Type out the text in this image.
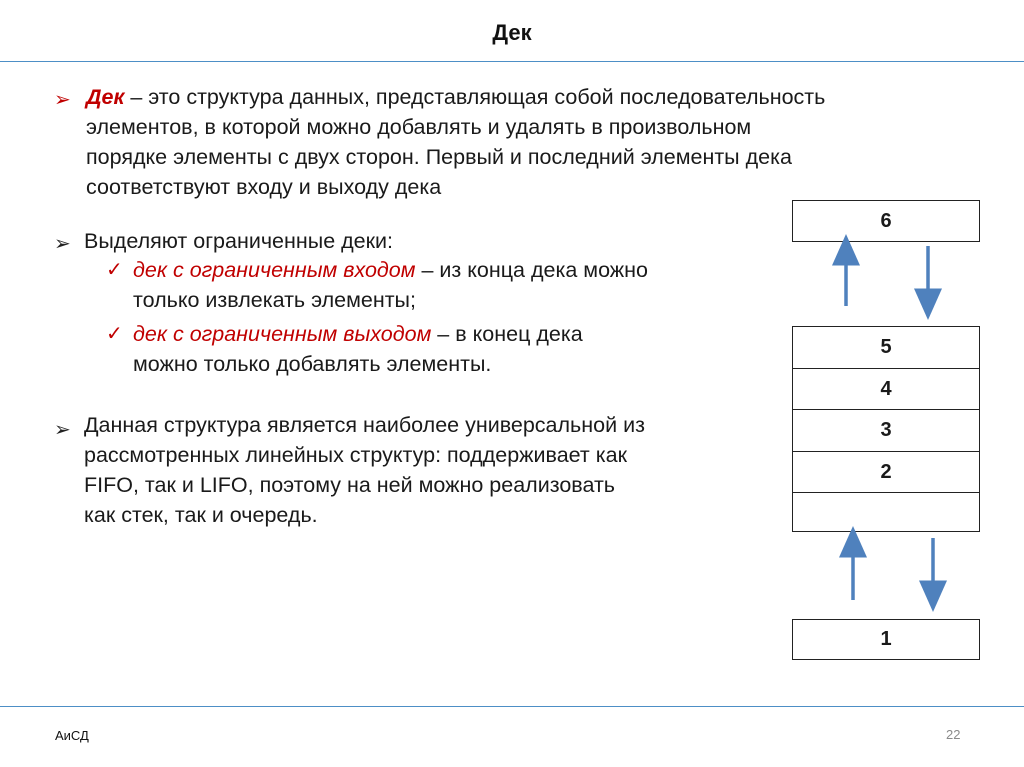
Дек
➢ Дек – это структура данных, представляющая собой последовательность
элементов, в которой можно добавлять и удалять в произвольном
порядке элементы с двух сторон. Первый и последний элементы дека
соответствуют входу и выходу дека
➢ Выделяют ограниченные деки:
✓ дек с ограниченным входом – из конца дека можно
только извлекать элементы;
✓ дек с ограниченным выходом – в конец дека
можно только добавлять элементы.
➢ Данная структура является наиболее универсальной из
рассмотренных линейных структур: поддерживает как
FIFO, так и LIFO, поэтому на ней можно реализовать
как стек, так и очередь.
6
5
4
3
2
1
АиСД	22
